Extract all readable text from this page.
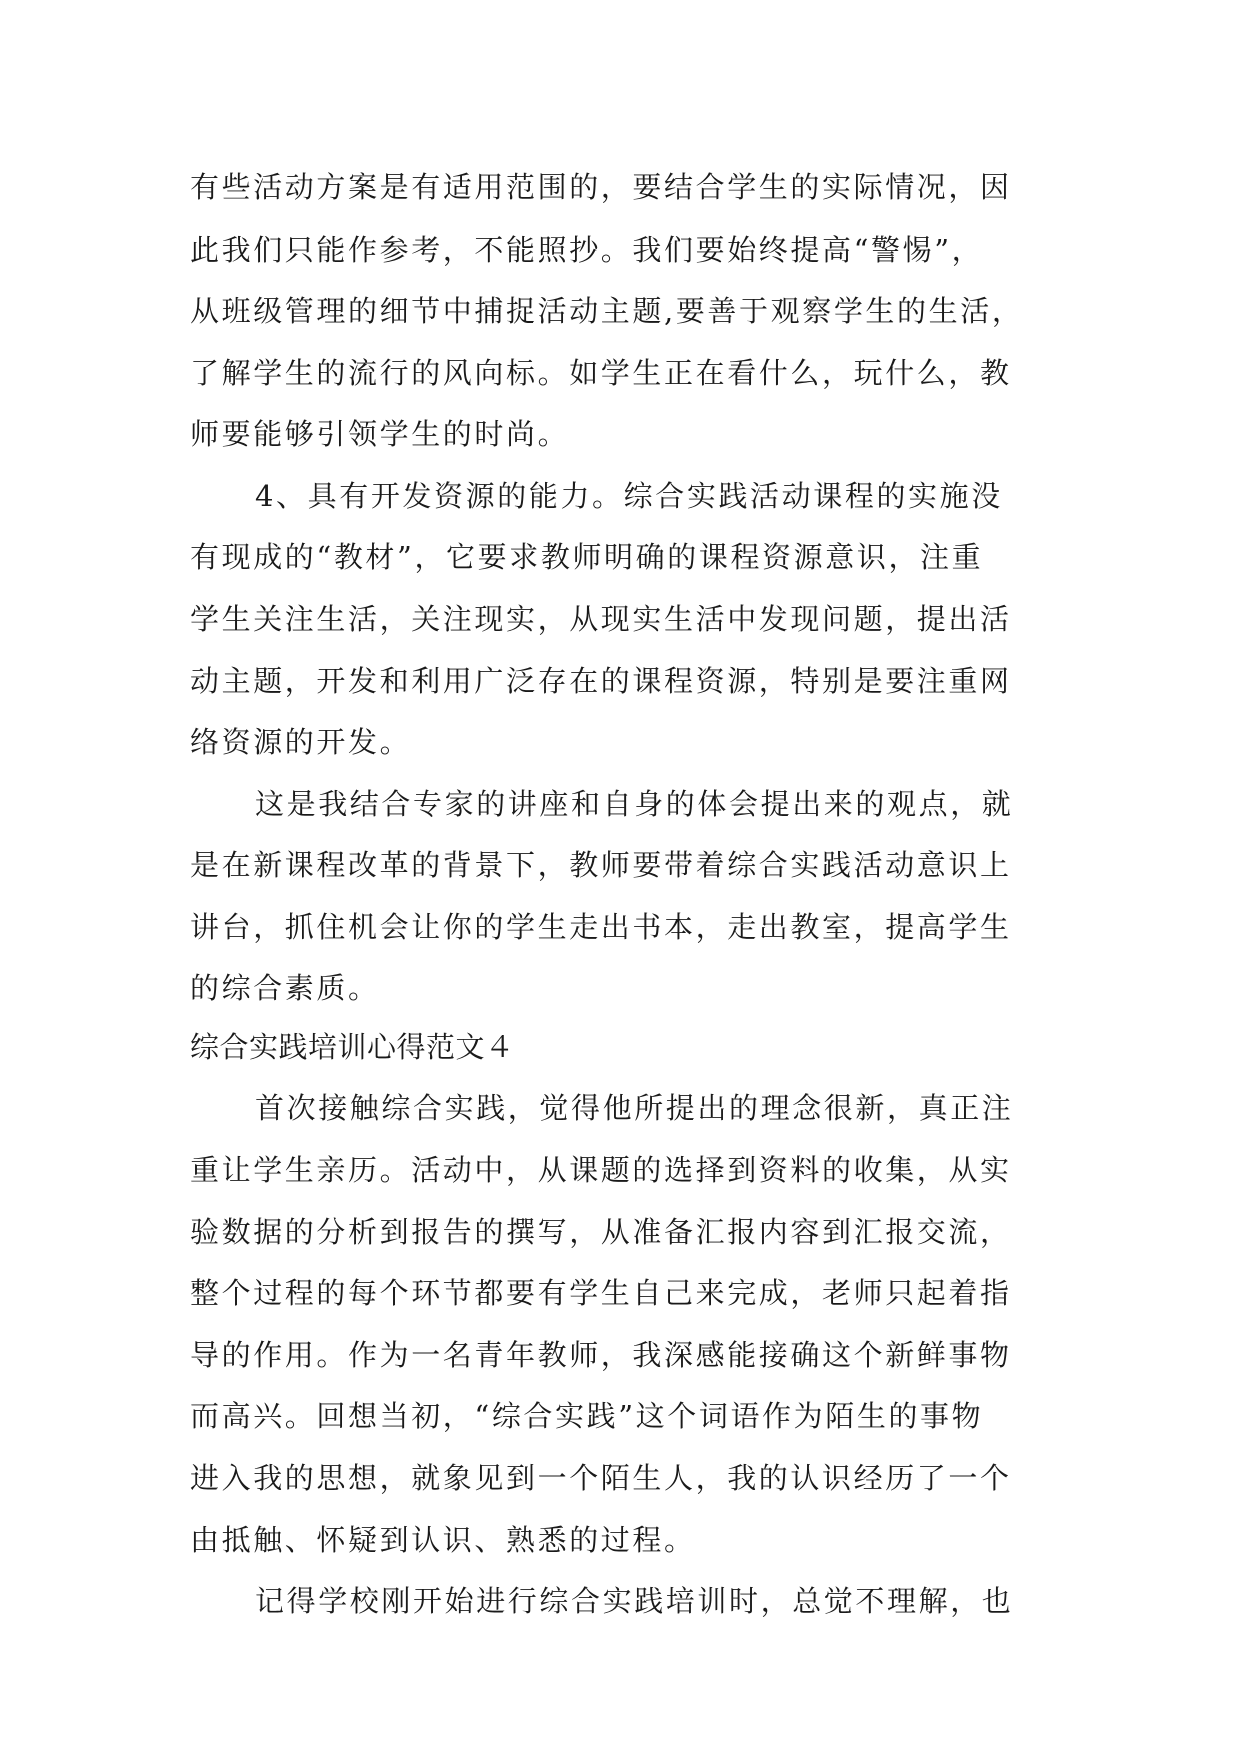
有些活动方案是有适用范围的，要结合学生的实际情况，因
此我们只能作参考，不能照抄。我们要始终提高“警惕”，
从班级管理的细节中捕捉活动主题,要善于观察学生的生活，
了解学生的流行的风向标。如学生正在看什么，玩什么，教
师要能够引领学生的时尚。
4、具有开发资源的能力。综合实践活动课程的实施没
有现成的“教材”，它要求教师明确的课程资源意识，注重
学生关注生活，关注现实，从现实生活中发现问题，提出活
动主题，开发和利用广泛存在的课程资源，特别是要注重网
络资源的开发。
这是我结合专家的讲座和自身的体会提出来的观点，就
是在新课程改革的背景下，教师要带着综合实践活动意识上
讲台，抓住机会让你的学生走出书本，走出教室，提高学生
的综合素质。
综合实践培训心得范文４
首次接触综合实践，觉得他所提出的理念很新，真正注
重让学生亲历。活动中，从课题的选择到资料的收集，从实
验数据的分析到报告的撰写，从准备汇报内容到汇报交流，
整个过程的每个环节都要有学生自己来完成，老师只起着指
导的作用。作为一名青年教师，我深感能接确这个新鲜事物
而高兴。回想当初，“综合实践”这个词语作为陌生的事物
进入我的思想，就象见到一个陌生人，我的认识经历了一个
由抵触、怀疑到认识、熟悉的过程。
记得学校刚开始进行综合实践培训时，总觉不理解，也
